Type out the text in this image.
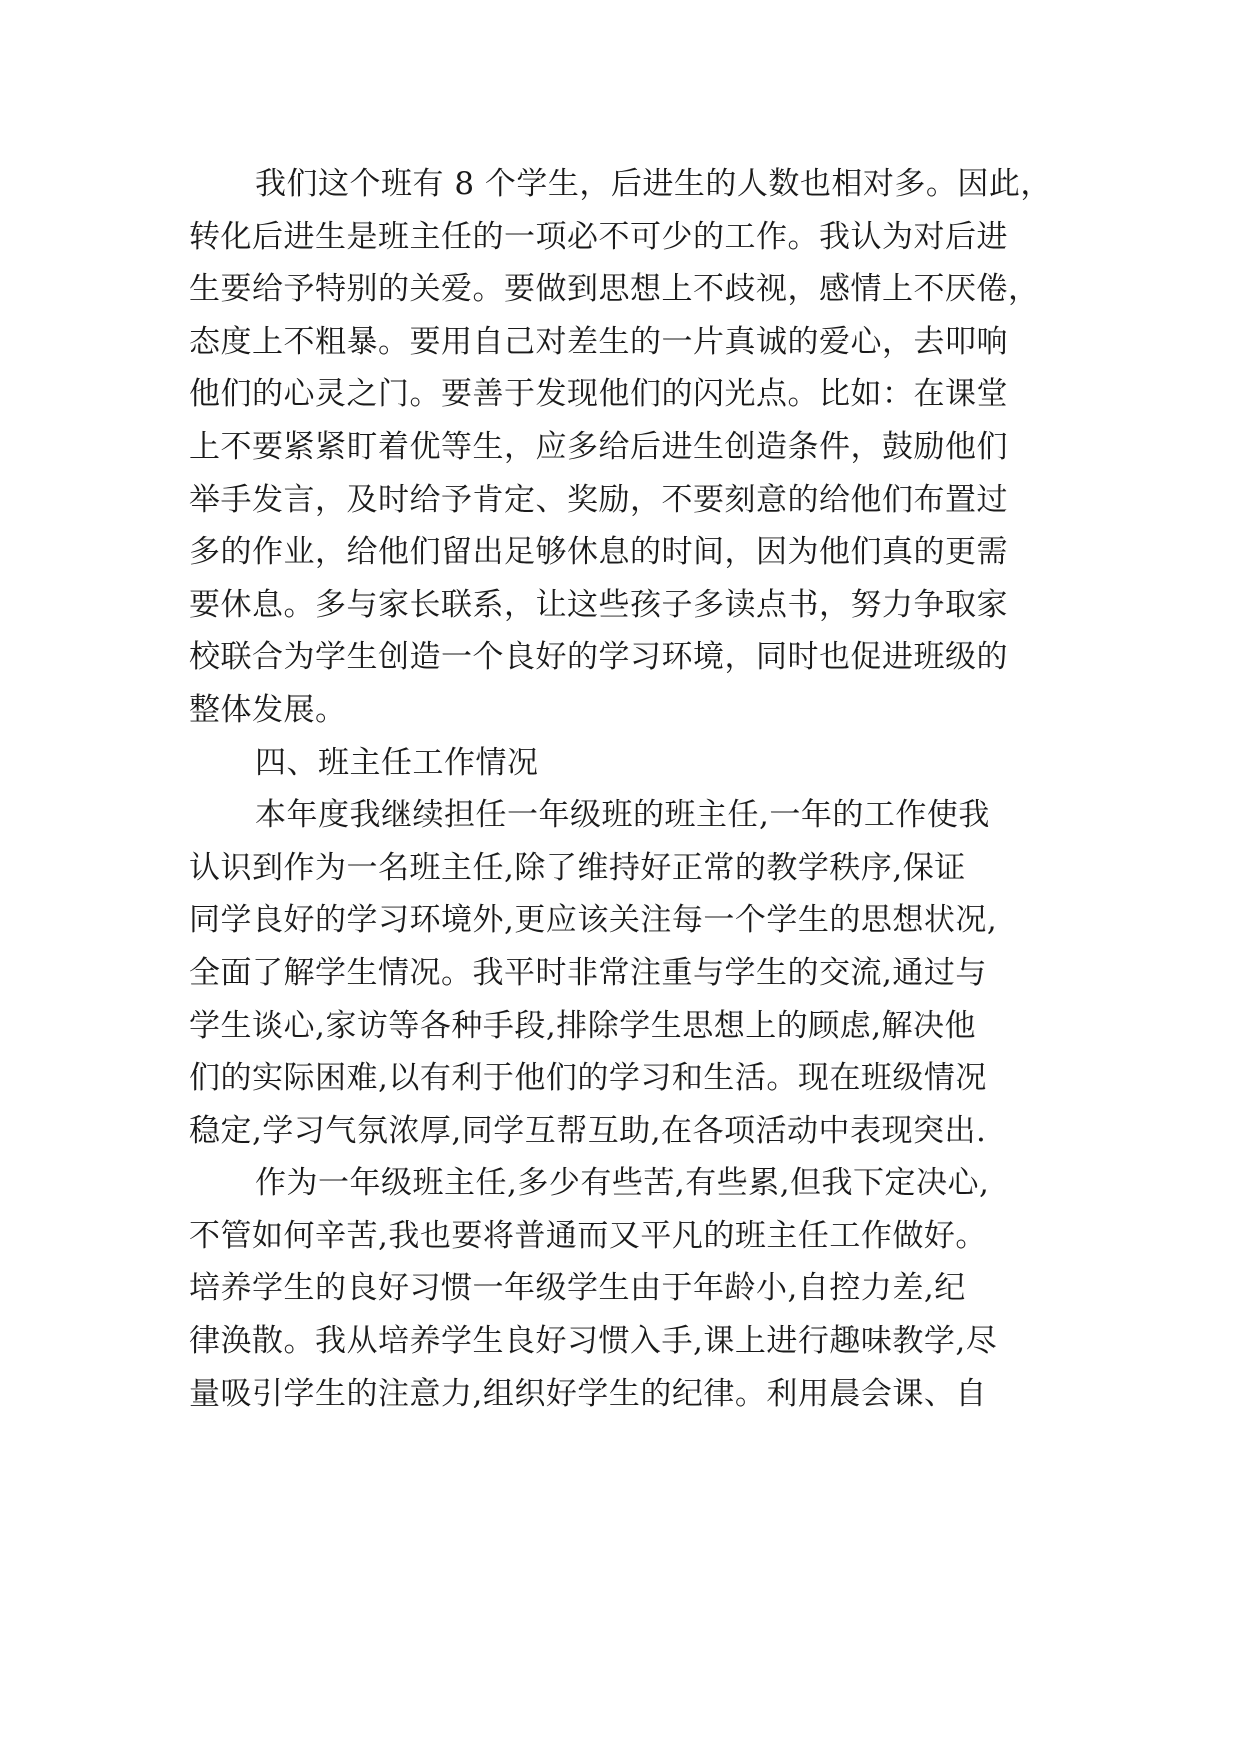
我们这个班有 8 个学生，后进生的人数也相对多。因此，
转化后进生是班主任的一项必不可少的工作。我认为对后进
生要给予特别的关爱。要做到思想上不歧视，感情上不厌倦，
态度上不粗暴。要用自己对差生的一片真诚的爱心，去叩响
他们的心灵之门。要善于发现他们的闪光点。比如：在课堂
上不要紧紧盯着优等生，应多给后进生创造条件，鼓励他们
举手发言，及时给予肯定、奖励，不要刻意的给他们布置过
多的作业，给他们留出足够休息的时间，因为他们真的更需
要休息。多与家长联系，让这些孩子多读点书，努力争取家
校联合为学生创造一个良好的学习环境，同时也促进班级的
整体发展。
四、班主任工作情况
本年度我继续担任一年级班的班主任,一年的工作使我
认识到作为一名班主任,除了维持好正常的教学秩序,保证
同学良好的学习环境外,更应该关注每一个学生的思想状况,
全面了解学生情况。我平时非常注重与学生的交流,通过与
学生谈心,家访等各种手段,排除学生思想上的顾虑,解决他
们的实际困难,以有利于他们的学习和生活。现在班级情况
稳定,学习气氛浓厚,同学互帮互助,在各项活动中表现突出.
作为一年级班主任,多少有些苦,有些累,但我下定决心,
不管如何辛苦,我也要将普通而又平凡的班主任工作做好。
培养学生的良好习惯一年级学生由于年龄小,自控力差,纪
律涣散。我从培养学生良好习惯入手,课上进行趣味教学,尽
量吸引学生的注意力,组织好学生的纪律。利用晨会课、自
